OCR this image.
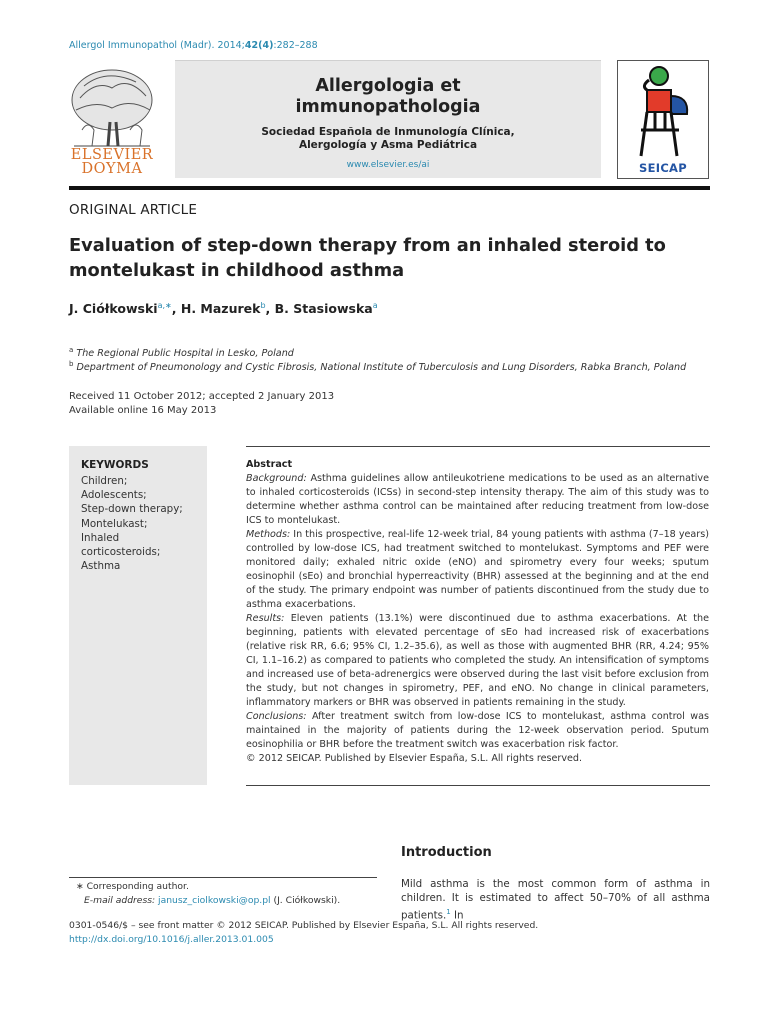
Allergol Immunopathol (Madr). 2014;42(4):282–288
ELSEVIER
DOYMA
Allergologia et
immunopathologia
Sociedad Española de Inmunología Clínica,
Alergología y Asma Pediátrica
www.elsevier.es/ai	SEICAP
ORIGINAL ARTICLE
Evaluation of step-down therapy from an inhaled steroid to montelukast in childhood asthma
J. Ciółkowski$^{a,∗}$, H. Mazurek$^b$, B. Stasiowska$^a$
$^a$ The Regional Public Hospital in Lesko, Poland
$^b$ Department of Pneumonology and Cystic Fibrosis, National Institute of Tuberculosis and Lung Disorders, Rabka Branch, Poland
Received 11 October 2012; accepted 2 January 2013
Available online 16 May 2013
KEYWORDS
Children;
Adolescents;
Step-down therapy;
Montelukast;
Inhaled
corticosteroids;
Asthma

Abstract

Background: Asthma guidelines allow antileukotriene medications to be used as an alternative to inhaled corticosteroids (ICSs) in second-step intensity therapy. The aim of this study was to determine whether asthma control can be maintained after reducing treatment from low-dose ICS to montelukast.

Methods: In this prospective, real-life 12-week trial, 84 young patients with asthma (7–18 years) controlled by low-dose ICS, had treatment switched to montelukast. Symptoms and PEF were monitored daily; exhaled nitric oxide (eNO) and spirometry every four weeks; sputum eosinophil (sEo) and bronchial hyperreactivity (BHR) assessed at the beginning and at the end of the study. The primary endpoint was number of patients discontinued from the study due to asthma exacerbations.

Results: Eleven patients (13.1%) were discontinued due to asthma exacerbations. At the beginning, patients with elevated percentage of sEo had increased risk of exacerbations (relative risk RR, 6.6; 95% CI, 1.2–35.6), as well as those with augmented BHR (RR, 4.24; 95% CI, 1.1–16.2) as compared to patients who completed the study. An intensification of symptoms and increased use of beta-adrenergics were observed during the last visit before exclusion from the study, but not changes in spirometry, PEF, and eNO. No change in clinical parameters, inflammatory markers or BHR was observed in patients remaining in the study.

Conclusions: After treatment switch from low-dose ICS to montelukast, asthma control was maintained in the majority of patients during the 12-week observation period. Sputum eosinophilia or BHR before the treatment switch was exacerbation risk factor.

© 2012 SEICAP. Published by Elsevier España, S.L. All rights reserved.

Introduction
Mild asthma is the most common form of asthma in children. It is estimated to affect 50–70% of all asthma patients.$^1$ In
∗ Corresponding author.
E-mail address: janusz_ciolkowski@op.pl (J. Ciółkowski).
0301-0546/$ – see front matter © 2012 SEICAP. Published by Elsevier España, S.L. All rights reserved.
http://dx.doi.org/10.1016/j.aller.2013.01.005
